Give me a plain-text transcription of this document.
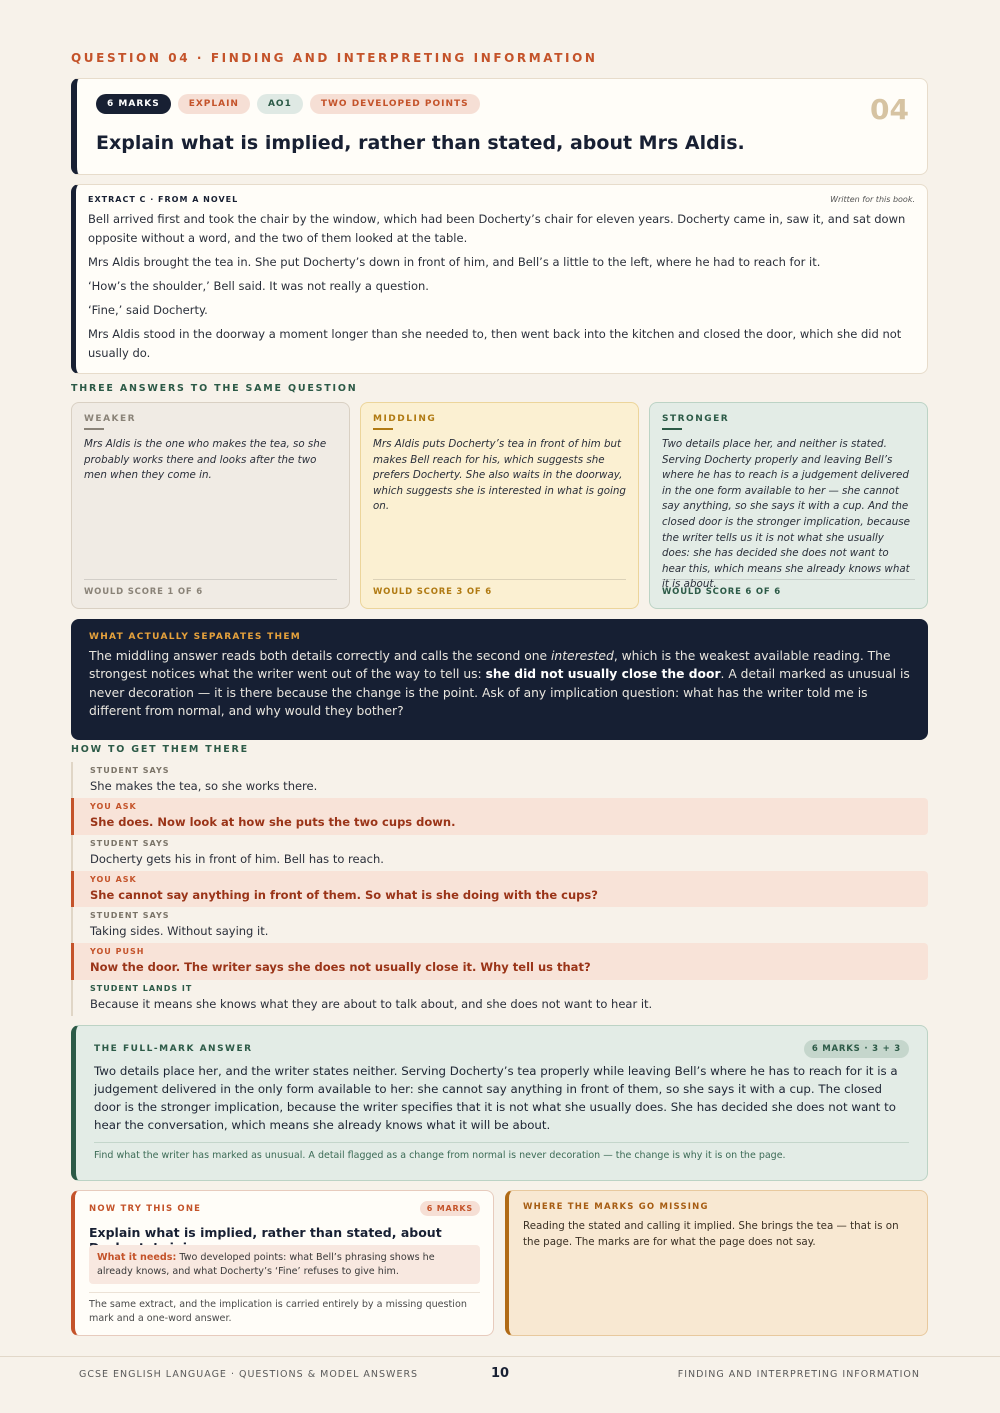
QUESTION 04 · FINDING AND INTERPRETING INFORMATION
6 MARKS	EXPLAIN	AO1	TWO DEVELOPED POINTS	04
Explain what is implied, rather than stated, about Mrs Aldis.
EXTRACT C · FROM A NOVEL	Written for this book.

Bell arrived first and took the chair by the window, which had been Docherty’s chair for eleven years. Docherty came in, saw it, and sat down opposite without a word, and the two of them looked at the table.

Mrs Aldis brought the tea in. She put Docherty’s down in front of him, and Bell’s a little to the left, where he had to reach for it.

‘How’s the shoulder,’ Bell said. It was not really a question.

‘Fine,’ said Docherty.

Mrs Aldis stood in the doorway a moment longer than she needed to, then went back into the kitchen and closed the door, which she did not usually do.

THREE ANSWERS TO THE SAME QUESTION
WEAKER
Mrs Aldis is the one who makes the tea, so she probably works there and looks after the two men when they come in.
WOULD SCORE 1 OF 6
MIDDLING
Mrs Aldis puts Docherty’s tea in front of him but makes Bell reach for his, which suggests she prefers Docherty. She also waits in the doorway, which suggests she is interested in what is going on.
WOULD SCORE 3 OF 6
STRONGER
Two details place her, and neither is stated. Serving Docherty properly and leaving Bell’s where he has to reach is a judgement delivered in the one form available to her — she cannot say anything, so she says it with a cup. And the closed door is the stronger implication, because the writer tells us it is not what she usually does: she has decided she does not want to hear this, which means she already knows what it is about.
WOULD SCORE 6 OF 6
WHAT ACTUALLY SEPARATES THEM
The middling answer reads both details correctly and calls the second one interested, which is the weakest available reading. The strongest notices what the writer went out of the way to tell us: she did not usually close the door. A detail marked as unusual is never decoration — it is there because the change is the point. Ask of any implication question: what has the writer told me is different from normal, and why would they bother?
HOW TO GET THEM THERE
STUDENT SAYS
She makes the tea, so she works there.
YOU ASK
She does. Now look at how she puts the two cups down.
STUDENT SAYS
Docherty gets his in front of him. Bell has to reach.
YOU ASK
She cannot say anything in front of them. So what is she doing with the cups?
STUDENT SAYS
Taking sides. Without saying it.
YOU PUSH
Now the door. The writer says she does not usually close it. Why tell us that?
STUDENT LANDS IT
Because it means she knows what they are about to talk about, and she does not want to hear it.
THE FULL-MARK ANSWER	6 MARKS · 3 + 3
Two details place her, and the writer states neither. Serving Docherty’s tea properly while leaving Bell’s where he has to reach for it is a judgement delivered in the only form available to her: she cannot say anything in front of them, so she says it with a cup. The closed door is the stronger implication, because the writer specifies that it is not what she usually does. She has decided she does not want to hear the conversation, which means she already knows what it will be about.
Find what the writer has marked as unusual. A detail flagged as a change from normal is never decoration — the change is why it is on the page.
NOW TRY THIS ONE	6 MARKS
Explain what is implied, rather than stated, about
What it needs: Two developed points: what Bell’s phrasing shows he already knows, and what Docherty’s ‘Fine’ refuses to give him.
The same extract, and the implication is carried entirely by a missing question mark and a one-word answer.
WHERE THE MARKS GO MISSING
Reading the stated and calling it implied. She brings the tea — that is on the page. The marks are for what the page does not say.
GCSE ENGLISH LANGUAGE · QUESTIONS & MODEL ANSWERS	10	FINDING AND INTERPRETING INFORMATION
